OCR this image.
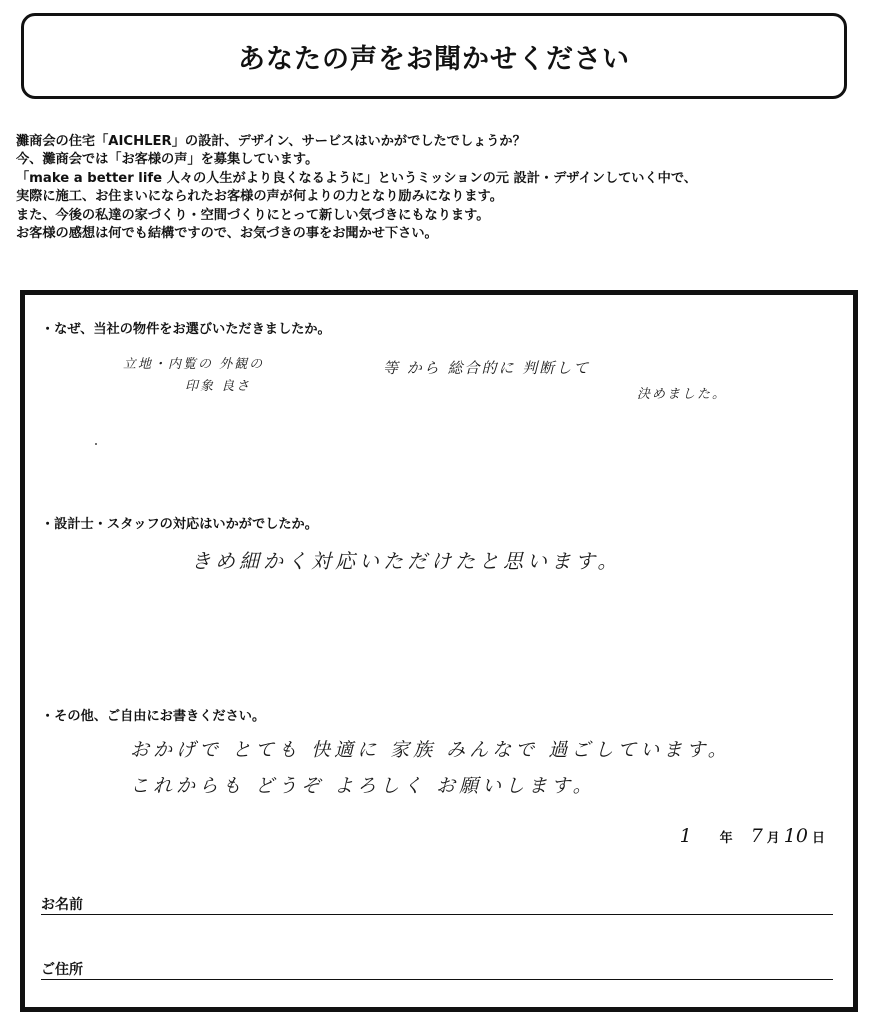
あなたの声をお聞かせください

灘商会の住宅「AICHLER」の設計、デザイン、サービスはいかがでしたでしょうか？

今、灘商会では「お客様の声」を募集しています。

「make a better life 人々の人生がより良くなるように」というミッションの元 設計・デザインしていく中で、

実際に施工、お住まいになられたお客様の声が何よりの力となり励みになります。

また、今後の私達の家づくり・空間づくりにとって新しい気づきにもなります。

お客様の感想は何でも結構ですので、お気づきの事をお聞かせ下さい。

・なぜ、当社の物件をお選びいただきましたか。
立地・内覧の 外観の	等 から 総合的に 判断して
印象 良さ
決めました。
・設計士・スタッフの対応はいかがでしたか。
きめ細かく対応いただけたと思います。
・その他、ご自由にお書きください。
おかげで とても 快適に 家族 みんなで 過ごしています。
これからも どうぞ よろしく お願いします。
1 年 7 月 10 日
お名前
ご住所
